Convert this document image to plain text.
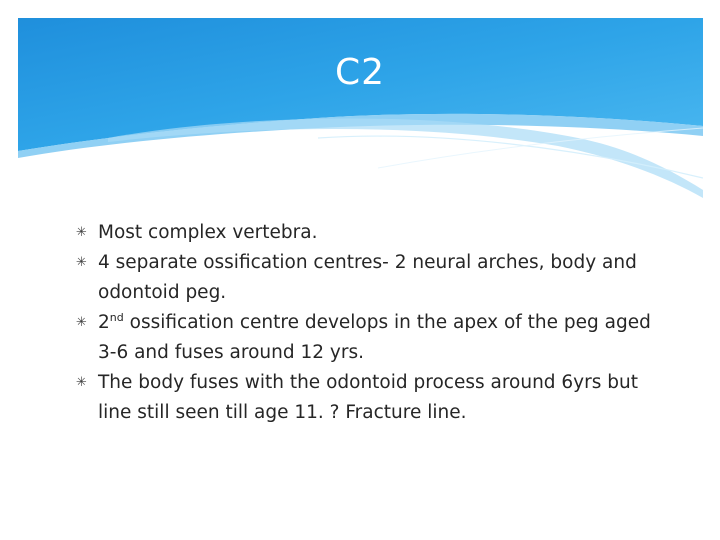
C2
✳ Most complex vertebra.
✳ 4 separate ossification centres- 2 neural arches, body and odontoid peg.
✳ 2nd ossification centre develops in the apex of the peg aged 3-6 and fuses around 12 yrs.
✳ The body fuses with the odontoid process around 6yrs but line still seen till age 11. ? Fracture line.
